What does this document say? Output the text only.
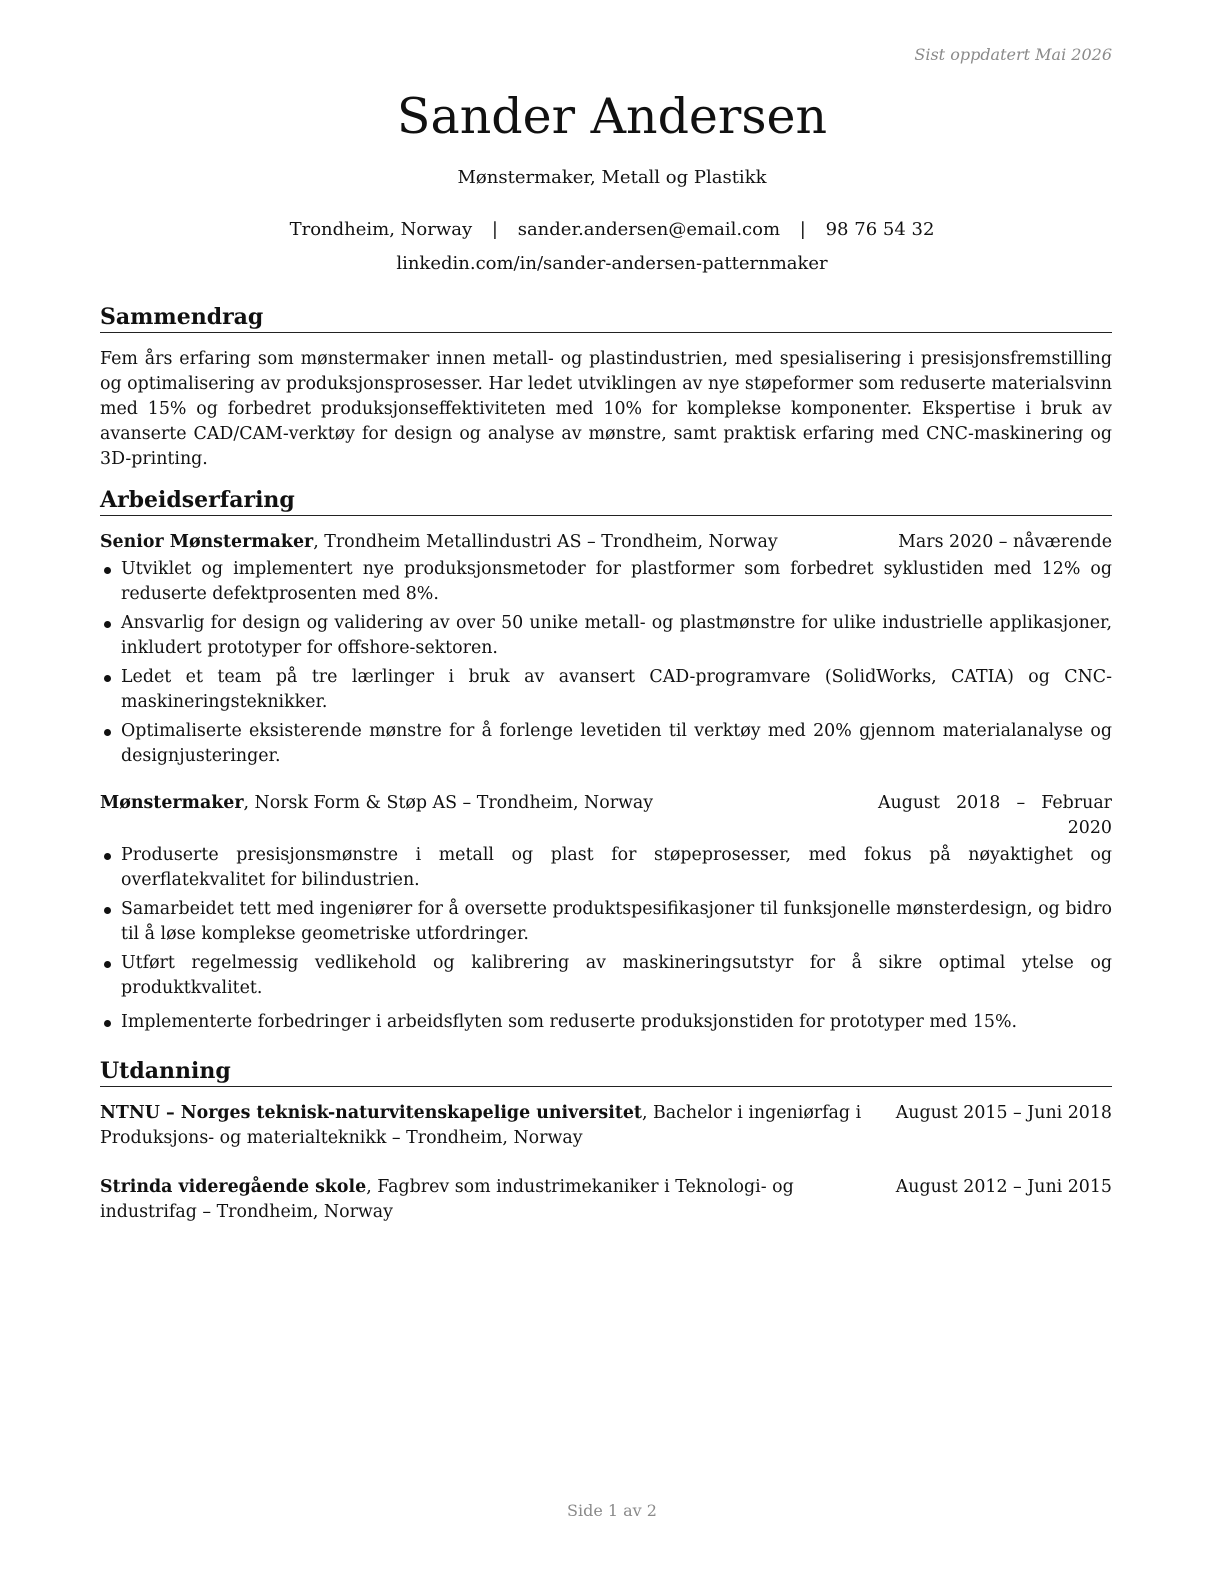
Sist oppdatert Mai 2026
Sander Andersen
Mønstermaker, Metall og Plastikk
Trondheim, Norway | sander.andersen@email.com | 98 76 54 32
linkedin.com/in/sander-andersen-patternmaker
Sammendrag
Fem års erfaring som mønstermaker innen metall- og plastindustrien, med spesialisering i presisjonsfremstilling og optimalisering av produksjonsprosesser. Har ledet utviklingen av nye støpeformer som reduserte materialsvinn med 15% og forbedret produksjonseffektiviteten med 10% for komplekse komponenter. Ekspertise i bruk av avanserte CAD/CAM-verktøy for design og analyse av mønstre, samt praktisk erfaring med CNC-maskinering og 3D-printing.
Arbeidserfaring
Senior Mønstermaker, Trondheim Metallindustri AS – Trondheim, Norway	Mars 2020 – nåværende
Utviklet og implementert nye produksjonsmetoder for plastformer som forbedret syklustiden med 12% og reduserte defektprosenten med 8%.
Ansvarlig for design og validering av over 50 unike metall- og plastmønstre for ulike industrielle applikasjoner, inkludert prototyper for offshore-sektoren.
Ledet et team på tre lærlinger i bruk av avansert CAD-programvare (SolidWorks, CATIA) og CNC-maskineringsteknikker.
Optimaliserte eksisterende mønstre for å forlenge levetiden til verktøy med 20% gjennom materialanalyse og designjusteringer.
Mønstermaker, Norsk Form & Støp AS – Trondheim, Norway	August 2018 – Februar 2020
Produserte presisjonsmønstre i metall og plast for støpeprosesser, med fokus på nøyaktighet og overflatekvalitet for bilindustrien.
Samarbeidet tett med ingeniører for å oversette produktspesifikasjoner til funksjonelle mønsterdesign, og bidro til å løse komplekse geometriske utfordringer.
Utført regelmessig vedlikehold og kalibrering av maskineringsutstyr for å sikre optimal ytelse og produktkvalitet.
Implementerte forbedringer i arbeidsflyten som reduserte produksjonstiden for prototyper med 15%.
Utdanning
NTNU – Norges teknisk-naturvitenskapelige universitet, Bachelor i ingeniørfag i Produksjons- og materialteknikk – Trondheim, Norway
August 2015 – Juni 2018
Strinda videregående skole, Fagbrev som industrimekaniker i Teknologi- og industrifag – Trondheim, Norway
August 2012 – Juni 2015
Side 1 av 2
